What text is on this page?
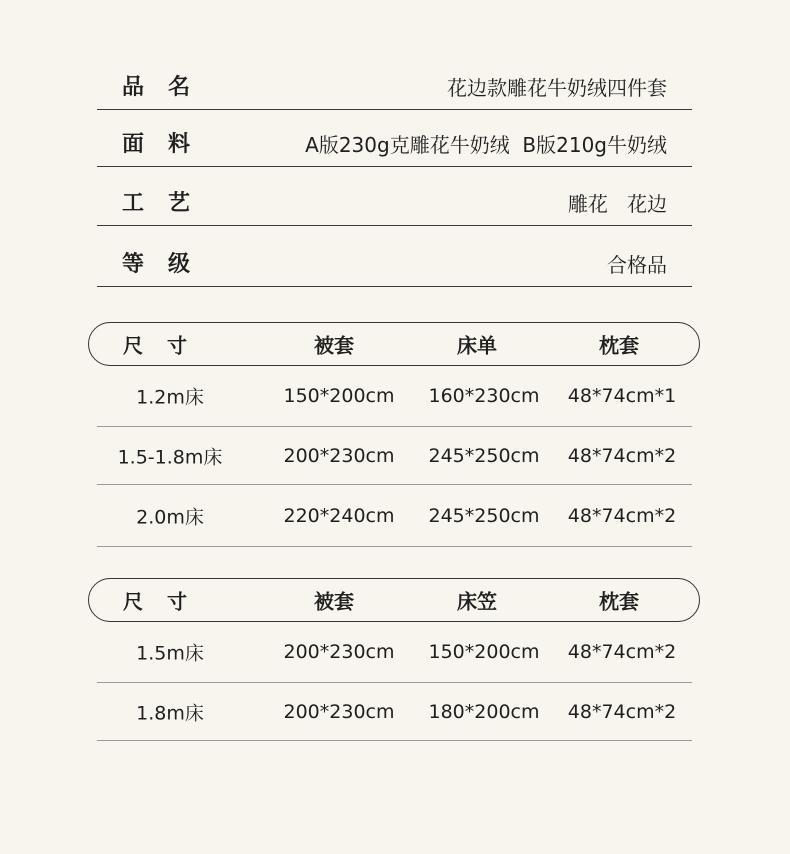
品名	花边款雕花牛奶绒四件套
面料	A版230g克雕花牛奶绒  B版210g牛奶绒
工艺	雕花   花边
等级	合格品
尺寸	被套	床单	枕套
1.2m床	150*200cm 160*230cm 48*74cm*1
1.5-1.8m床	200*230cm 245*250cm 48*74cm*2
2.0m床	220*240cm 245*250cm 48*74cm*2
尺寸	被套	床笠	枕套
1.5m床	200*230cm 150*200cm 48*74cm*2
1.8m床	200*230cm 180*200cm 48*74cm*2
